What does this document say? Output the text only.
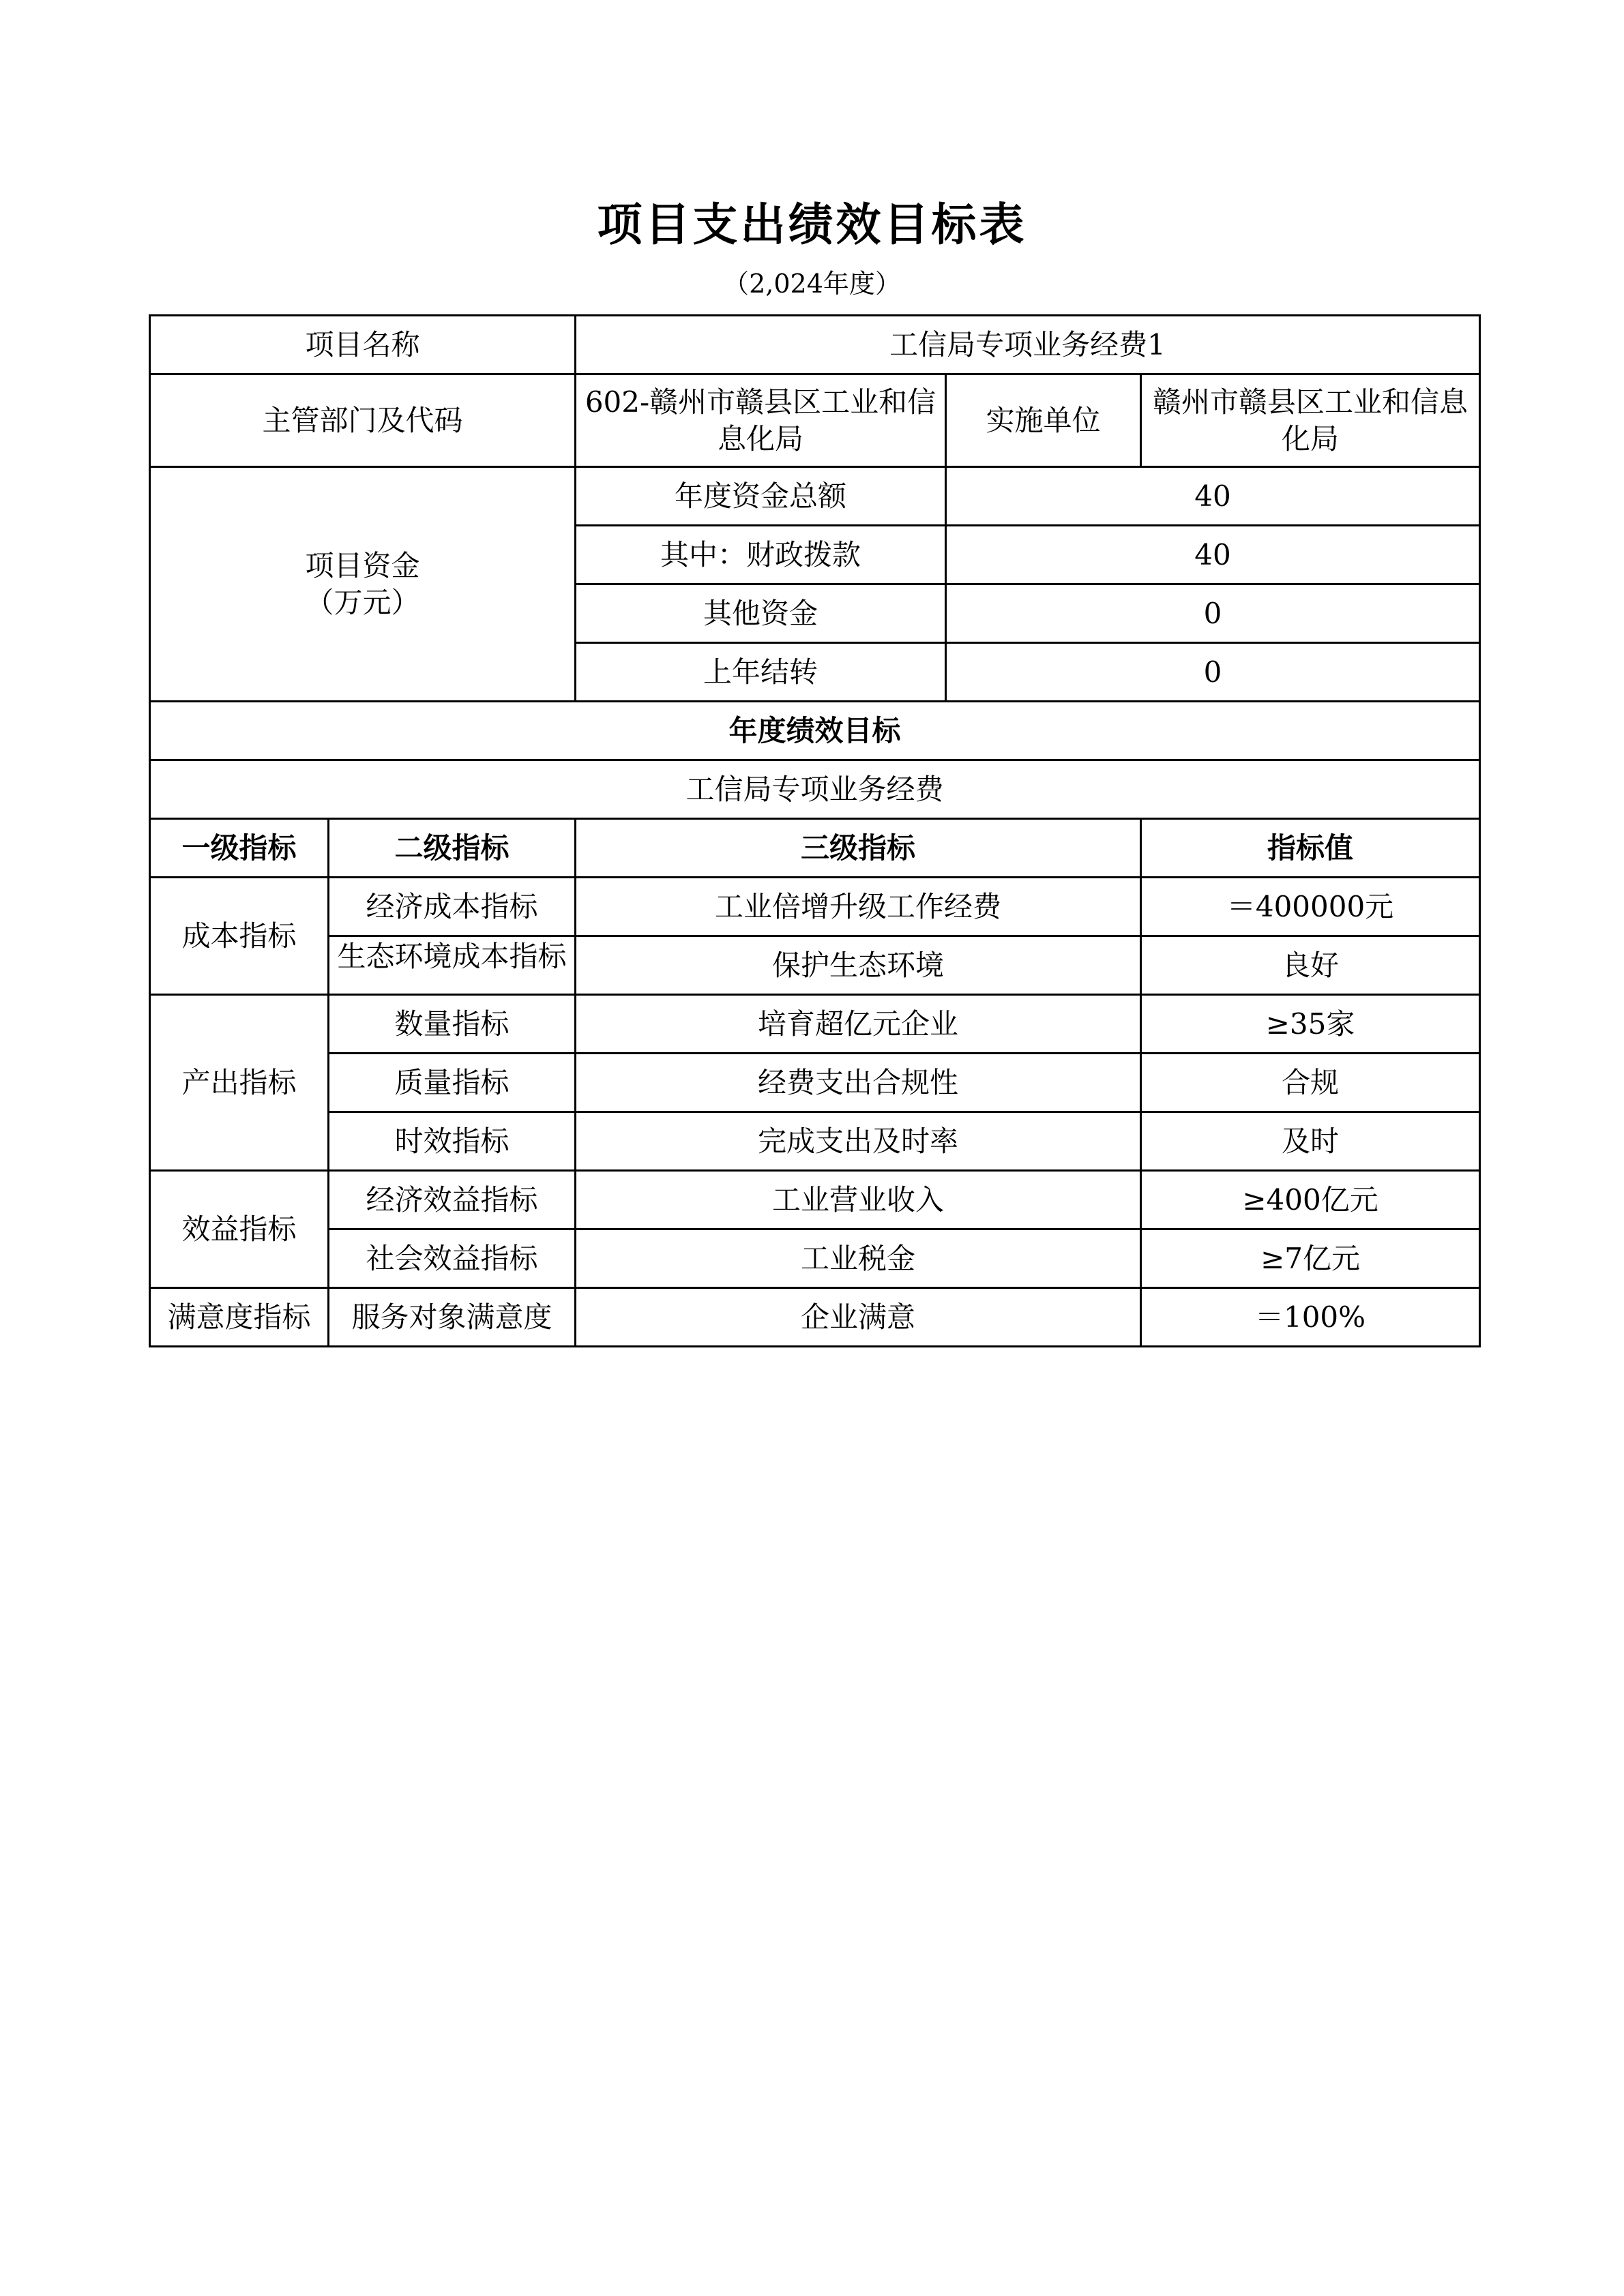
项目支出绩效目标表
（2,024年度）
项目名称		工信局专项业务经费1		
主管部门及代码		602-赣州市赣县区工业和信息化局	实施单位	赣州市赣县区工业和信息化局

项目资金
（万元）		年度资金总额	40	
		其中：财政拨款	40	
		其他资金	0	
		上年结转	0	
年度绩效目标				
工信局专项业务经费				
一级指标	二级指标	三级指标		指标值
成本指标	经济成本指标	工业倍增升级工作经费		＝400000元

	生态环境成本指标	保护生态环境		良好
产出指标	数量指标	培育超亿元企业		≥35家
	质量指标	经费支出合规性		合规
	时效指标	完成支出及时率		及时
效益指标	经济效益指标	工业营业收入		≥400亿元
	社会效益指标	工业税金		≥7亿元
满意度指标	服务对象满意度	企业满意		＝100%
